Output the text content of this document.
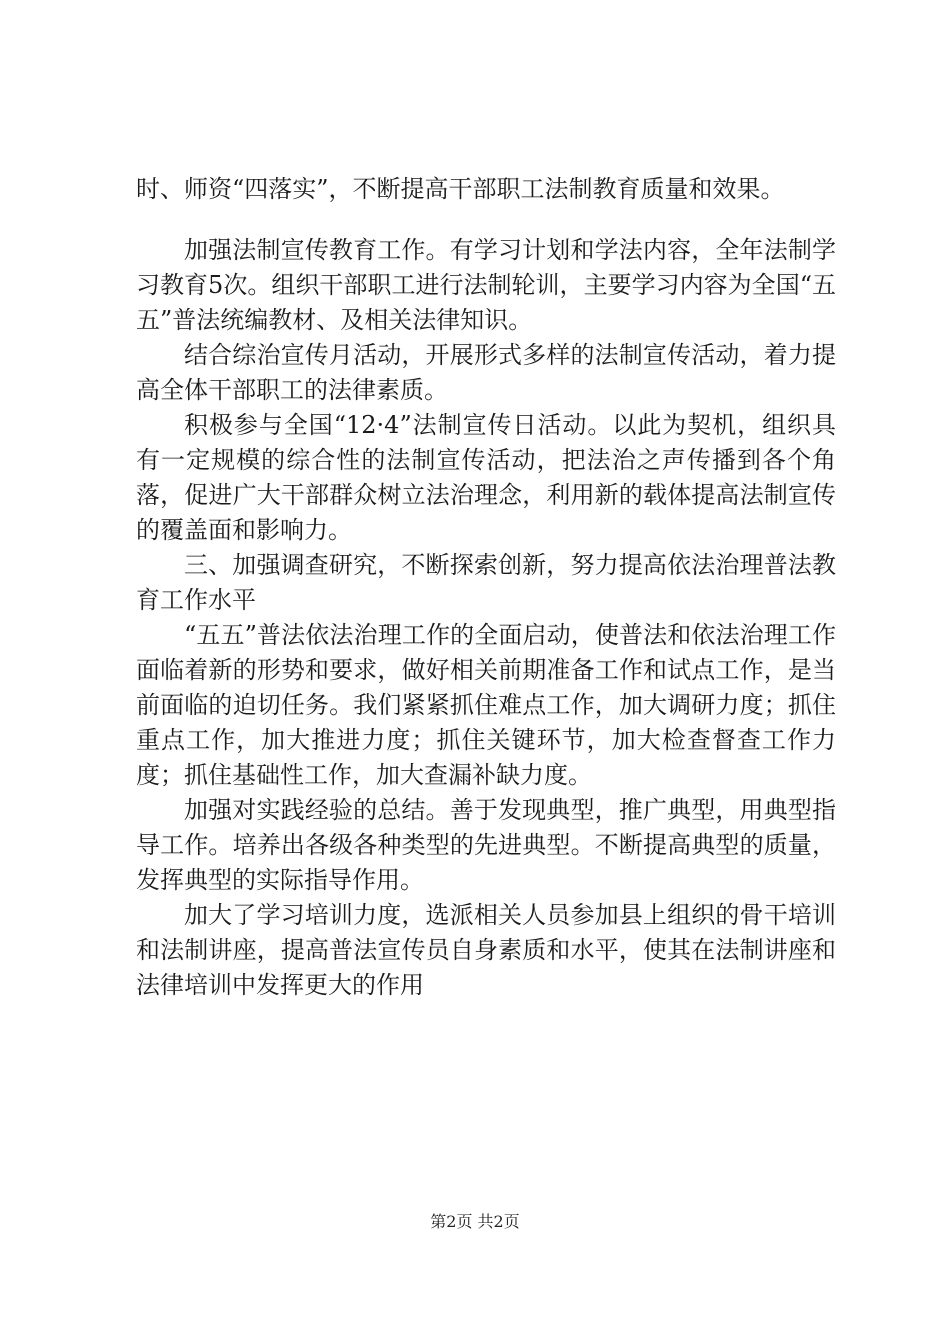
时、师资“四落实”，不断提高干部职工法制教育质量和效果。

加强法制宣传教育工作。有学习计划和学法内容，全年法制学习教育5次。组织干部职工进行法制轮训，主要学习内容为全国“五五”普法统编教材、及相关法律知识。

结合综治宣传月活动，开展形式多样的法制宣传活动，着力提高全体干部职工的法律素质。

积极参与全国“12·4”法制宣传日活动。以此为契机，组织具有一定规模的综合性的法制宣传活动，把法治之声传播到各个角落，促进广大干部群众树立法治理念，利用新的载体提高法制宣传的覆盖面和影响力。

三、加强调查研究，不断探索创新，努力提高依法治理普法教育工作水平

“五五”普法依法治理工作的全面启动，使普法和依法治理工作面临着新的形势和要求，做好相关前期准备工作和试点工作，是当前面临的迫切任务。我们紧紧抓住难点工作，加大调研力度；抓住重点工作，加大推进力度；抓住关键环节，加大检查督查工作力度；抓住基础性工作，加大查漏补缺力度。

加强对实践经验的总结。善于发现典型，推广典型，用典型指导工作。培养出各级各种类型的先进典型。不断提高典型的质量，发挥典型的实际指导作用。

加大了学习培训力度，选派相关人员参加县上组织的骨干培训和法制讲座，提高普法宣传员自身素质和水平，使其在法制讲座和法律培训中发挥更大的作用

第2页 共2页
